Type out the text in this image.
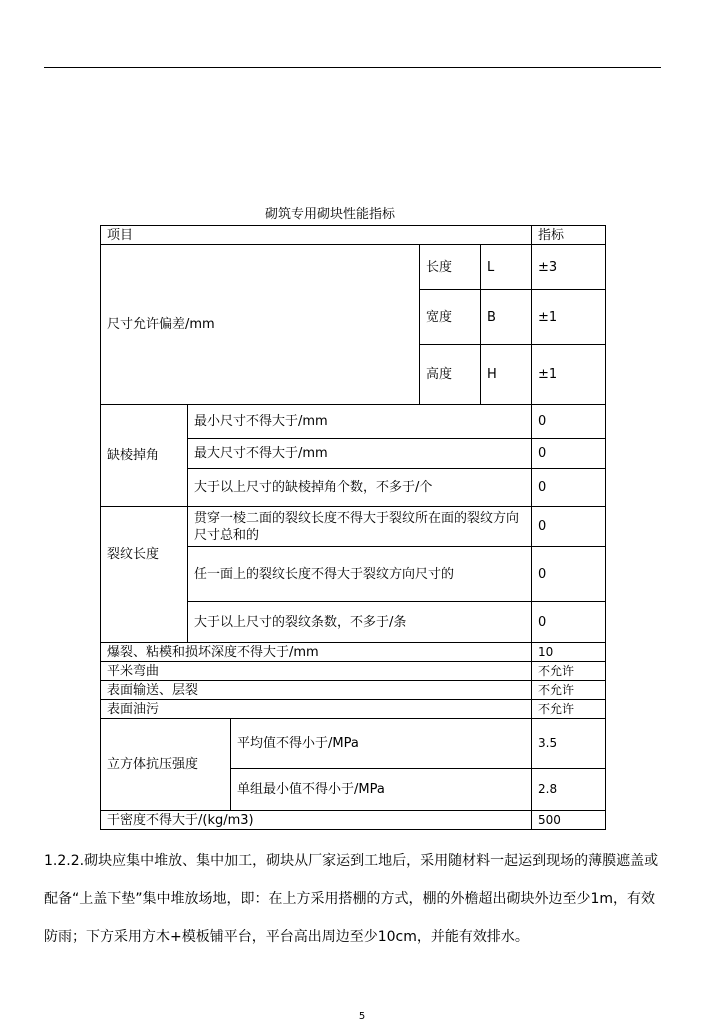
砌筑专用砌块性能指标
项目					指标
尺寸允许偏差/mm			长度	L	±3
			宽度	B	±1
			高度	H	±1
缺棱掉角	最小尺寸不得大于/mm				0
	最大尺寸不得大于/mm				0
	大于以上尺寸的缺棱掉角个数，不多于/个				0
裂纹长度	贯穿一棱二面的裂纹长度不得大于裂纹所在面的裂纹方向尺寸总和的				0
	任一面上的裂纹长度不得大于裂纹方向尺寸的				0
	大于以上尺寸的裂纹条数，不多于/条				0
爆裂、粘模和损坏深度不得大于/mm					10
平米弯曲					不允许
表面输送、层裂					不允许
表面油污					不允许
立方体抗压强度		平均值不得小于/MPa			3.5
		单组最小值不得小于/MPa			2.8
干密度不得大于/(kg/m3)					500

1.2.2.砌块应集中堆放、集中加工，砌块从厂家运到工地后，采用随材料一起运到现场的薄膜遮盖或配备“上盖下垫”集中堆放场地，即：在上方采用搭棚的方式，棚的外檐超出砌块外边至少1m，有效防雨；下方采用方木+模板铺平台，平台高出周边至少10cm，并能有效排水。

5
